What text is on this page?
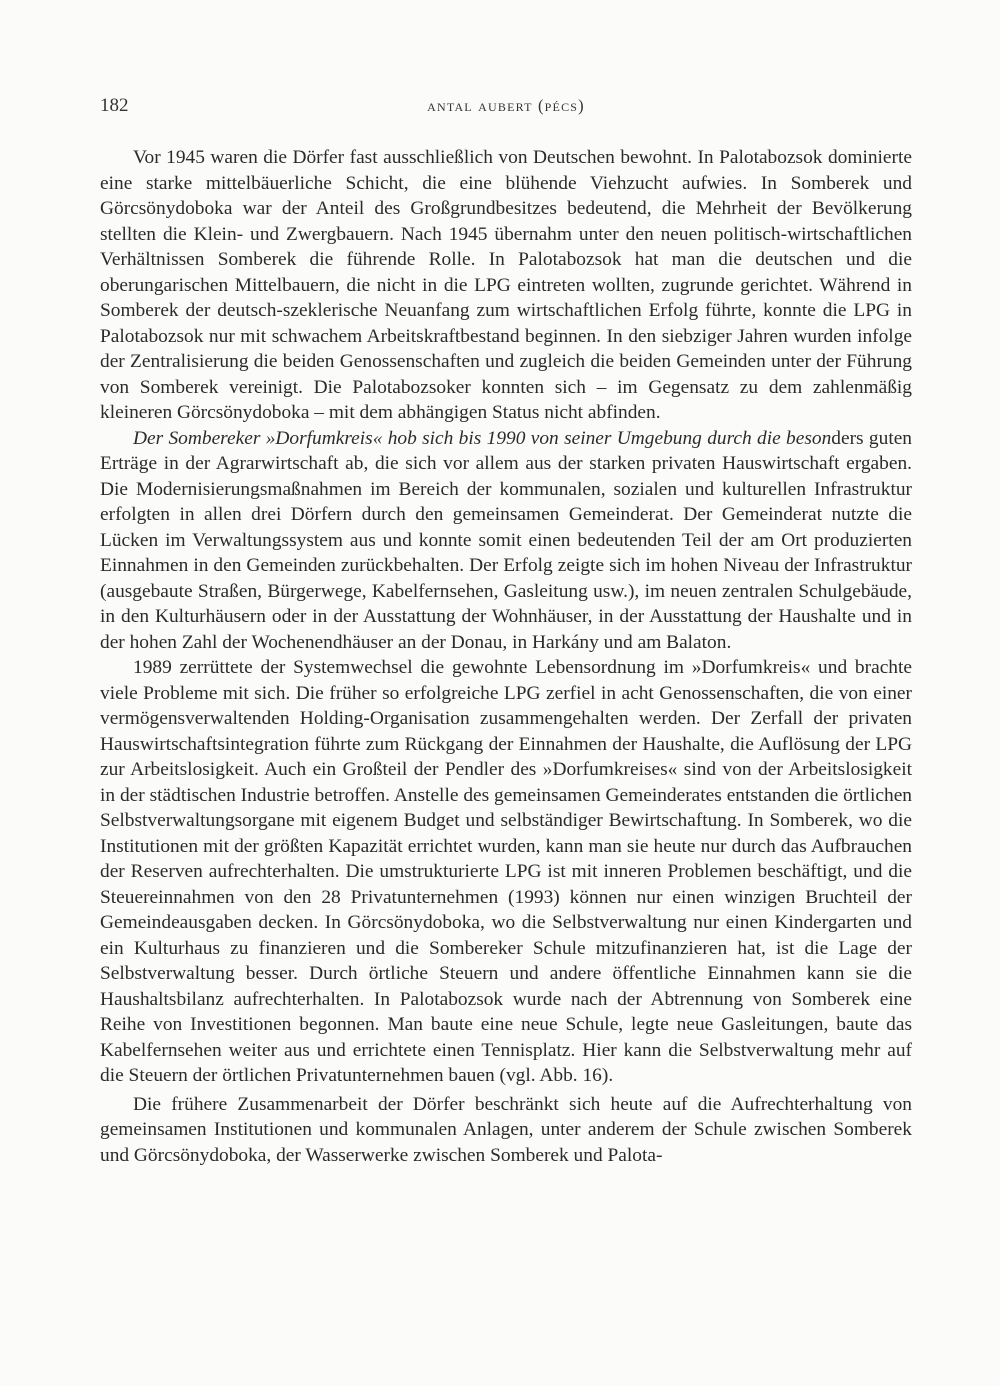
182	antal aubert (pécs)

Vor 1945 waren die Dörfer fast ausschließlich von Deutschen bewohnt. In Palotabozsok dominierte eine starke mittelbäuerliche Schicht, die eine blühende Viehzucht aufwies. In Somberek und Görcsönydoboka war der Anteil des Großgrundbesitzes bedeutend, die Mehrheit der Bevölkerung stellten die Klein- und Zwergbauern. Nach 1945 übernahm unter den neuen politisch-wirtschaftlichen Verhältnissen Somberek die führende Rolle. In Palotabozsok hat man die deutschen und die oberungarischen Mittelbauern, die nicht in die LPG eintreten wollten, zugrunde gerichtet. Während in Somberek der deutsch-szeklerische Neuanfang zum wirtschaftlichen Erfolg führte, konnte die LPG in Palotabozsok nur mit schwachem Arbeitskraftbestand beginnen. In den siebziger Jahren wurden infolge der Zentralisierung die beiden Genossenschaften und zugleich die beiden Gemeinden unter der Führung von Somberek vereinigt. Die Palotabozsoker konnten sich – im Gegensatz zu dem zahlenmäßig kleineren Görcsönydoboka – mit dem abhängigen Status nicht abfinden.

Der Sombereker »Dorfumkreis« hob sich bis 1990 von seiner Umgebung durch die besonders guten Erträge in der Agrarwirtschaft ab, die sich vor allem aus der starken privaten Hauswirtschaft ergaben. Die Modernisierungsmaßnahmen im Bereich der kommunalen, sozialen und kulturellen Infrastruktur erfolgten in allen drei Dörfern durch den gemeinsamen Gemeinderat. Der Gemeinderat nutzte die Lücken im Verwaltungssystem aus und konnte somit einen bedeutenden Teil der am Ort produzierten Einnahmen in den Gemeinden zurückbehalten. Der Erfolg zeigte sich im hohen Niveau der Infrastruktur (ausgebaute Straßen, Bürgerwege, Kabelfernsehen, Gasleitung usw.), im neuen zentralen Schulgebäude, in den Kulturhäusern oder in der Ausstattung der Wohnhäuser, in der Ausstattung der Haushalte und in der hohen Zahl der Wochenendhäuser an der Donau, in Harkány und am Balaton.

1989 zerrüttete der Systemwechsel die gewohnte Lebensordnung im »Dorfumkreis« und brachte viele Probleme mit sich. Die früher so erfolgreiche LPG zerfiel in acht Genossenschaften, die von einer vermögensverwaltenden Holding-Organisation zusammengehalten werden. Der Zerfall der privaten Hauswirtschaftsintegration führte zum Rückgang der Einnahmen der Haushalte, die Auflösung der LPG zur Arbeitslosigkeit. Auch ein Großteil der Pendler des »Dorfumkreises« sind von der Arbeitslosigkeit in der städtischen Industrie betroffen. Anstelle des gemeinsamen Gemeinderates entstanden die örtlichen Selbstverwaltungsorgane mit eigenem Budget und selbständiger Bewirtschaftung. In Somberek, wo die Institutionen mit der größten Kapazität errichtet wurden, kann man sie heute nur durch das Aufbrauchen der Reserven aufrechterhalten. Die umstrukturierte LPG ist mit inneren Problemen beschäftigt, und die Steuereinnahmen von den 28 Privatunternehmen (1993) können nur einen winzigen Bruchteil der Gemeindeausgaben decken. In Görcsönydoboka, wo die Selbstverwaltung nur einen Kindergarten und ein Kulturhaus zu finanzieren und die Sombereker Schule mitzufinanzieren hat, ist die Lage der Selbstverwaltung besser. Durch örtliche Steuern und andere öffentliche Einnahmen kann sie die Haushaltsbilanz aufrechterhalten. In Palotabozsok wurde nach der Abtrennung von Somberek eine Reihe von Investitionen begonnen. Man baute eine neue Schule, legte neue Gasleitungen, baute das Kabelfernsehen weiter aus und errichtete einen Tennisplatz. Hier kann die Selbstverwaltung mehr auf die Steuern der örtlichen Privatunternehmen bauen (vgl. Abb. 16).

Die frühere Zusammenarbeit der Dörfer beschränkt sich heute auf die Aufrechterhaltung von gemeinsamen Institutionen und kommunalen Anlagen, unter anderem der Schule zwischen Somberek und Görcsönydoboka, der Wasserwerke zwischen Somberek und Palota-
